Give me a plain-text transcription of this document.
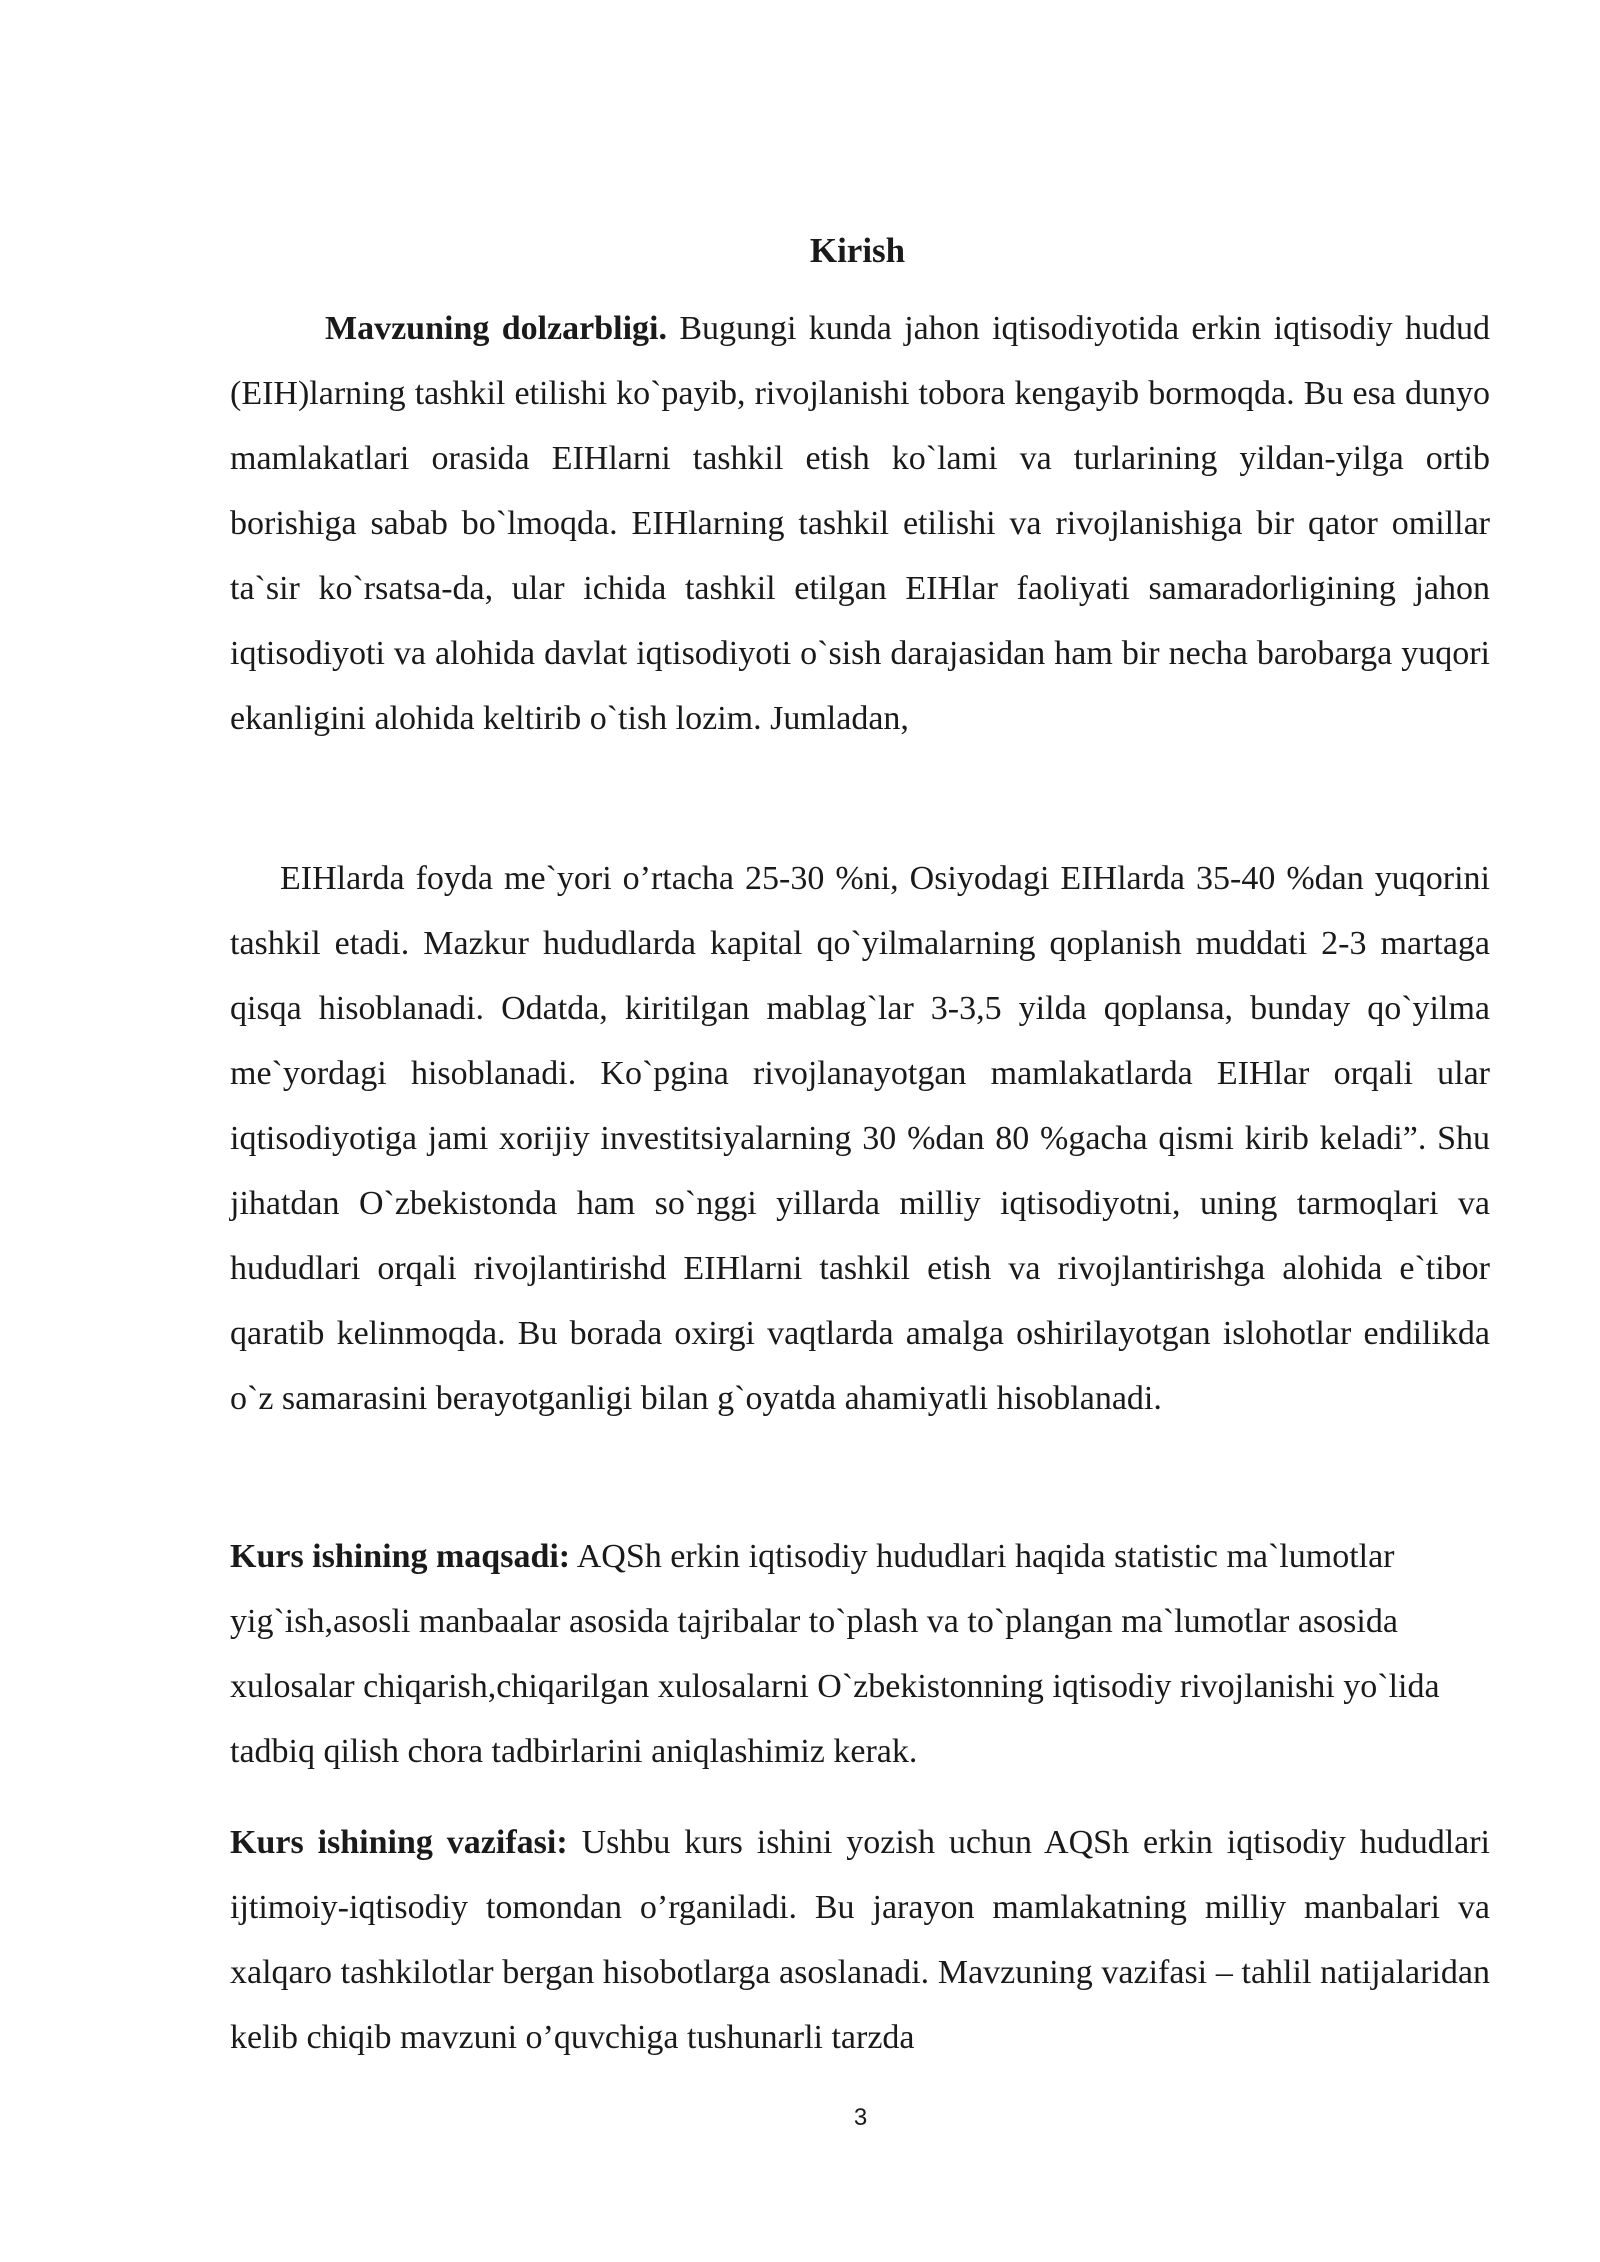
Kirish

Mavzuning dolzarbligi. Bugungi kunda jahon iqtisodiyotida erkin iqtisodiy hudud (EIH)larning tashkil etilishi ko`payib, rivojlanishi tobora kengayib bormoqda. Bu esa dunyo mamlakatlari orasida EIHlarni tashkil etish ko`lami va turlarining yildan-yilga ortib borishiga sabab bo`lmoqda. EIHlarning tashkil etilishi va rivojlanishiga bir qator omillar ta`sir ko`rsatsa-da, ular ichida tashkil etilgan EIHlar faoliyati samaradorligining jahon iqtisodiyoti va alohida davlat iqtisodiyoti o`sish darajasidan ham bir necha barobarga yuqori ekanligini alohida keltirib o`tish lozim. Jumladan,

EIHlarda foyda me`yori o’rtacha 25-30 %ni, Osiyodagi EIHlarda 35-40 %dan yuqorini tashkil etadi. Mazkur hududlarda kapital qo`yilmalarning qoplanish muddati 2-3 martaga qisqa hisoblanadi. Odatda, kiritilgan mablag`lar 3-3,5 yilda qoplansa, bunday qo`yilma me`yordagi hisoblanadi. Ko`pgina rivojlanayotgan mamlakatlarda EIHlar orqali ular iqtisodiyotiga jami xorijiy investitsiyalarning 30 %dan 80 %gacha qismi kirib keladi”. Shu jihatdan O`zbekistonda ham so`nggi yillarda milliy iqtisodiyotni, uning tarmoqlari va hududlari orqali rivojlantirishd EIHlarni tashkil etish va rivojlantirishga alohida e`tibor qaratib kelinmoqda. Bu borada oxirgi vaqtlarda amalga oshirilayotgan islohotlar endilikda o`z samarasini berayotganligi bilan g`oyatda ahamiyatli hisoblanadi.

Kurs ishining maqsadi: AQSh erkin iqtisodiy hududlari haqida statistic ma`lumotlar yig`ish,asosli manbaalar asosida tajribalar to`plash va to`plangan ma`lumotlar asosida xulosalar chiqarish,chiqarilgan xulosalarni O`zbekistonning iqtisodiy rivojlanishi yo`lida tadbiq qilish chora tadbirlarini aniqlashimiz kerak.

Kurs ishining vazifasi: Ushbu kurs ishini yozish uchun AQSh erkin iqtisodiy hududlari ijtimoiy-iqtisodiy tomondan o’rganiladi. Bu jarayon mamlakatning milliy manbalari va xalqaro tashkilotlar bergan hisobotlarga asoslanadi. Mavzuning vazifasi – tahlil natijalaridan kelib chiqib mavzuni o’quvchiga tushunarli tarzda

3
